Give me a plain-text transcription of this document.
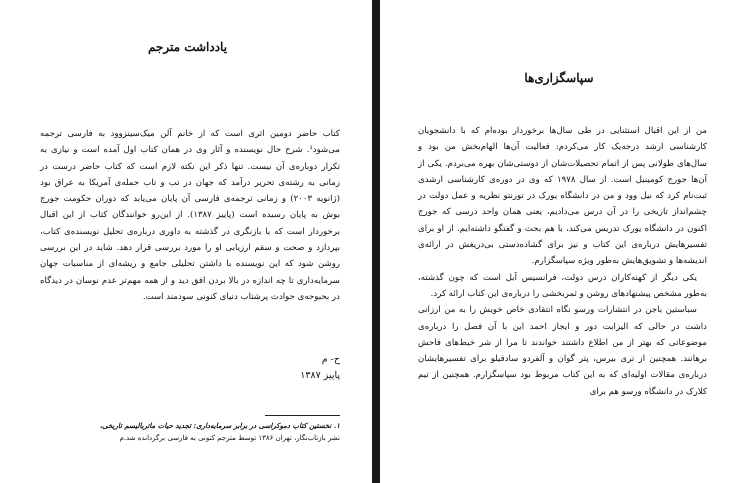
یادداشت مترجم
کتاب حاضر دومین اثری است که از خانم آلن میک‌سینزوود به فارسی ترجمه می‌شود¹. شرح حال نویسنده و آثار وی در همان کتاب اول آمده است و نیازی به تکرار دوباره‌ی آن نیست. تنها ذکر این نکته لازم است که کتاب حاضر درست در زمانی به رشته‌ی تحریر درآمد که جهان در تب و تاب حمله‌ی آمریکا به عراق بود (ژانویه ۲۰۰۳) و زمانی ترجمه‌ی فارسی آن پایان می‌یابد که دوران حکومت جورج بوش به پایان رسیده است (پاییز ۱۳۸۷). از این‌رو خوانندگان کتاب از این اقبال برخوردار است که با بازنگری در گذشته به داوری درباره‌ی تحلیل نویسنده‌ی کتاب، بپردازد و صحت و سقم ارزیابی او را مورد بررسی قرار دهد. شاید در این بررسی روشن شود که این نویسنده با داشتن تحلیلی جامع و ریشه‌ای از مناسبات جهان سرمایه‌داری تا چه اندازه در بالا بردن افق دید و از همه مهم‌تر عدم نوسان در دیدگاه در بحبوحه‌ی حوادث پرشتاب دنیای کنونی سودمند است.
ح- م
پاییز ۱۳۸۷
۱. نخستین کتاب دموکراسی در برابر سرمایه‌داری: تجدید حیات ماتریالیسم تاریخی،
نشر بازتاب‌نگار، تهران ۱۳۸۶ توسط مترجم کنونی به فارسی برگردانده شد.م
سپاسگزاری‌ها

من از این اقبال استثنایی در طی سال‌ها برخوردار بوده‌ام که با دانشجویان کارشناسی ارشد درجه‌یک کار می‌کردم: فعالیت آن‌ها الهام‌بخش من بود و سال‌های طولانی پس از اتمام تحصیلات‌شان از دوستی‌شان بهره می‌بردم. یکی از آن‌ها جورج کومینیل است. از سال ۱۹۷۸ که وی در دوره‌ی کارشناسی ارشدی ثبت‌نام کرد که نیل وود و من در دانشگاه یورک در تورنتو نظریه و عمل دولت در چشم‌انداز تاریخی را در آن درس می‌دادیم، یعنی همان واحد درسی که جورج اکنون در دانشگاه یورک تدریس می‌کند، با هم بحث و گفتگو داشته‌ایم. از او برای تفسیرهایش درباره‌ی این کتاب و نیز برای گشاده‌دستی بی‌دریغش در ارائه‌ی اندیشه‌ها و تشویق‌هایش به‌طور ویژه سپاسگزارم.

یکی دیگر از کهنه‌کاران درس دولت، فرانسیس آبل است که چون گذشته، به‌طور مشخص پیشنهادهای روشن و ثمربخشی را درباره‌ی این کتاب ارائه کرد.

سباستین باجن در انتشارات ورسو نگاه انتقادی خاص خویش را به من ارزانی داشت در حالی که الیزابت دور و ایجاز احمد این با آن فصل را درباره‌ی موضوعاتی که بهتر از من اطلاع داشتند خواندند تا مرا از شر خیط‌های فاحش برهانند. همچنین از تری بیرس، پتر گوان و آلفردو سادفیلو برای تفسیرهایشان درباره‌ی مقالات اولیه‌ای که به این کتاب مربوط بود سپاسگزارم. همچنین از تیم کلارک در دانشگاه ورسو هم برای
